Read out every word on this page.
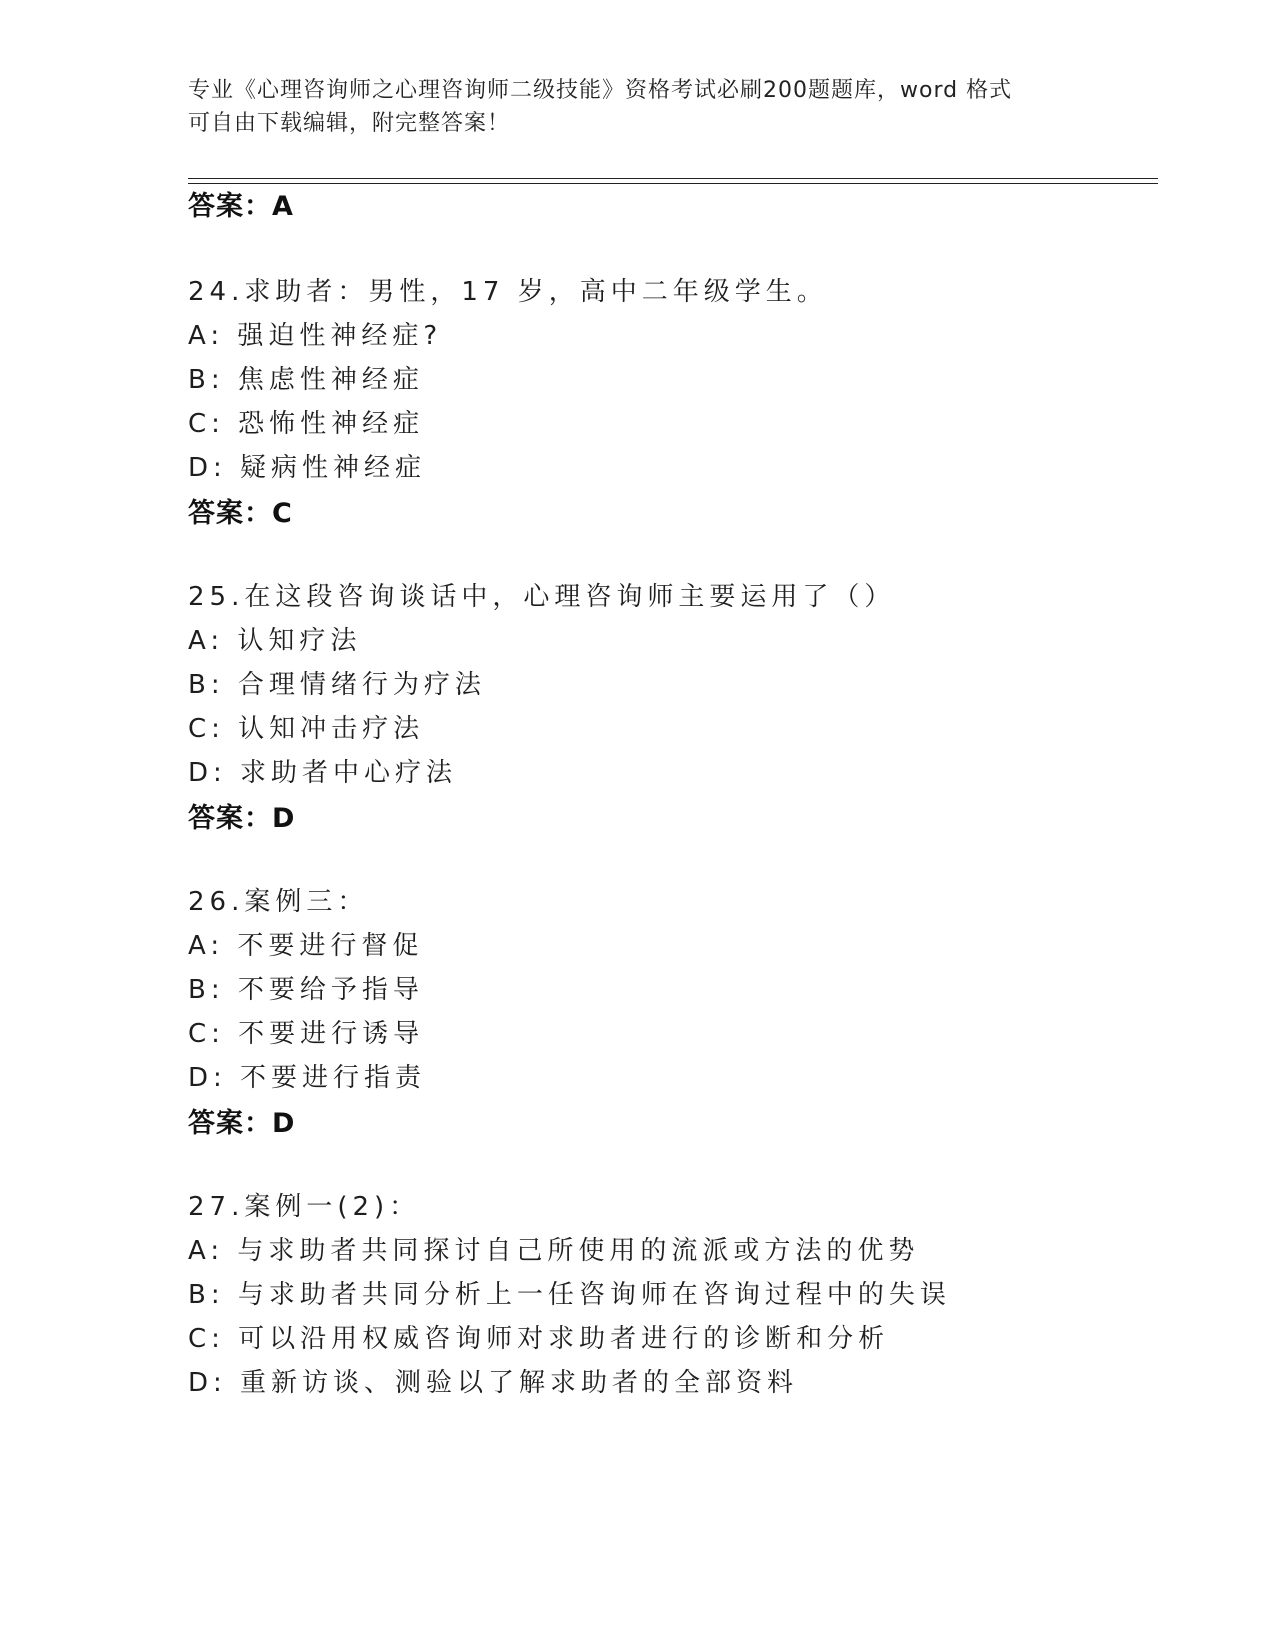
专业《心理咨询师之心理咨询师二级技能》资格考试必刷200题题库，word 格式
可自由下载编辑，附完整答案！
答案：A
24.求助者：男性，17 岁，高中二年级学生。
A: 强迫性神经症?
B: 焦虑性神经症
C: 恐怖性神经症
D: 疑病性神经症
答案：C
25.在这段咨询谈话中，心理咨询师主要运用了（）
A: 认知疗法
B: 合理情绪行为疗法
C: 认知冲击疗法
D: 求助者中心疗法
答案：D
26.案例三：
A: 不要进行督促
B: 不要给予指导
C: 不要进行诱导
D: 不要进行指责
答案：D
27.案例一(2)：
A: 与求助者共同探讨自己所使用的流派或方法的优势
B: 与求助者共同分析上一任咨询师在咨询过程中的失误
C: 可以沿用权威咨询师对求助者进行的诊断和分析
D: 重新访谈、测验以了解求助者的全部资料
